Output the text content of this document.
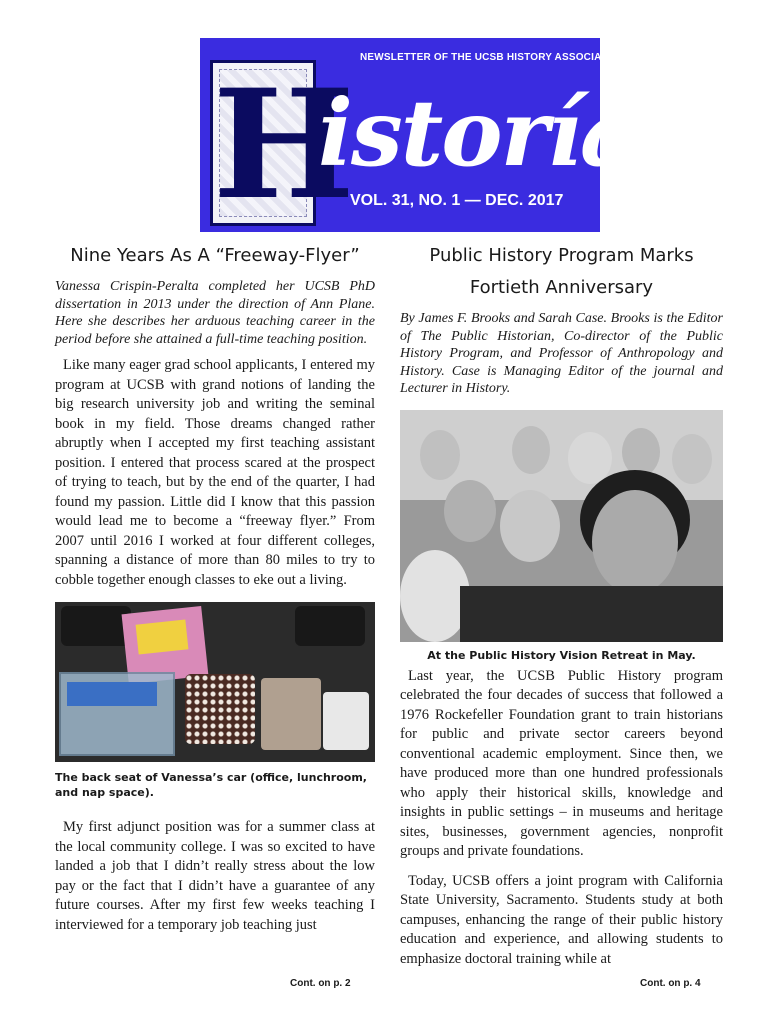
NEWSLETTER OF THE UCSB HISTORY ASSOCIATES
H
istoría
VOL. 31, NO. 1 — DEC. 2017
Nine Years As A “Freeway-Flyer”

Vanessa Crispin-Peralta completed her UCSB PhD dissertation in 2013 under the direction of Ann Plane. Here she describes her arduous teaching career in the period before she attained a full-time teaching position.

Like many eager grad school applicants, I entered my program at UCSB with grand notions of landing the big research university job and writing the seminal book in my field. Those dreams changed rather abruptly when I accepted my first teaching assistant position. I entered that process scared at the prospect of trying to teach, but by the end of the quarter, I had found my passion. Little did I know that this passion would lead me to become a “freeway flyer.” From 2007 until 2016 I worked at four different colleges, spanning a distance of more than 80 miles to try to cobble together enough classes to eke out a living.

The back seat of Vanessa’s car (office, lunchroom, and nap space).

My first adjunct position was for a summer class at the local community college. I was so excited to have landed a job that I didn’t really stress about the low pay or the fact that I didn’t have a guarantee of any future courses. After my first few weeks teaching I interviewed for a temporary job teaching just

Public History Program Marks Fortieth Anniversary

By James F. Brooks and Sarah Case. Brooks is the Editor of The Public Historian, Co-director of the Public History Program, and Professor of Anthropology and History. Case is Managing Editor of the journal and Lecturer in History.

At the Public History Vision Retreat in May.

Last year, the UCSB Public History program celebrated the four decades of success that followed a 1976 Rockefeller Foundation grant to train historians for public and private sector careers beyond conventional academic employment. Since then, we have produced more than one hundred professionals who apply their historical skills, knowledge and insights in public settings – in museums and heritage sites, businesses, government agencies, nonprofit groups and private foundations.

Today, UCSB offers a joint program with California State University, Sacramento. Students study at both campuses, enhancing the range of their public history education and experience, and allowing students to emphasize doctoral training while at

Cont. on p. 2	Cont. on p. 4
